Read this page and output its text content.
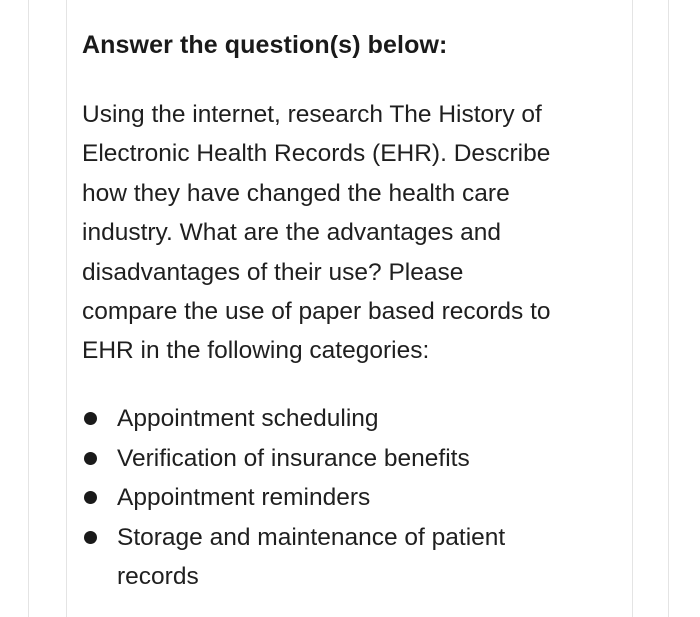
Answer the question(s) below:

Using the internet, research The History of
Electronic Health Records (EHR). Describe
how they have changed the health care
industry. What are the advantages and
disadvantages of their use? Please
compare the use of paper based records to
EHR in the following categories:

Appointment scheduling
Verification of insurance benefits
Appointment reminders
Storage and maintenance of patient
records
